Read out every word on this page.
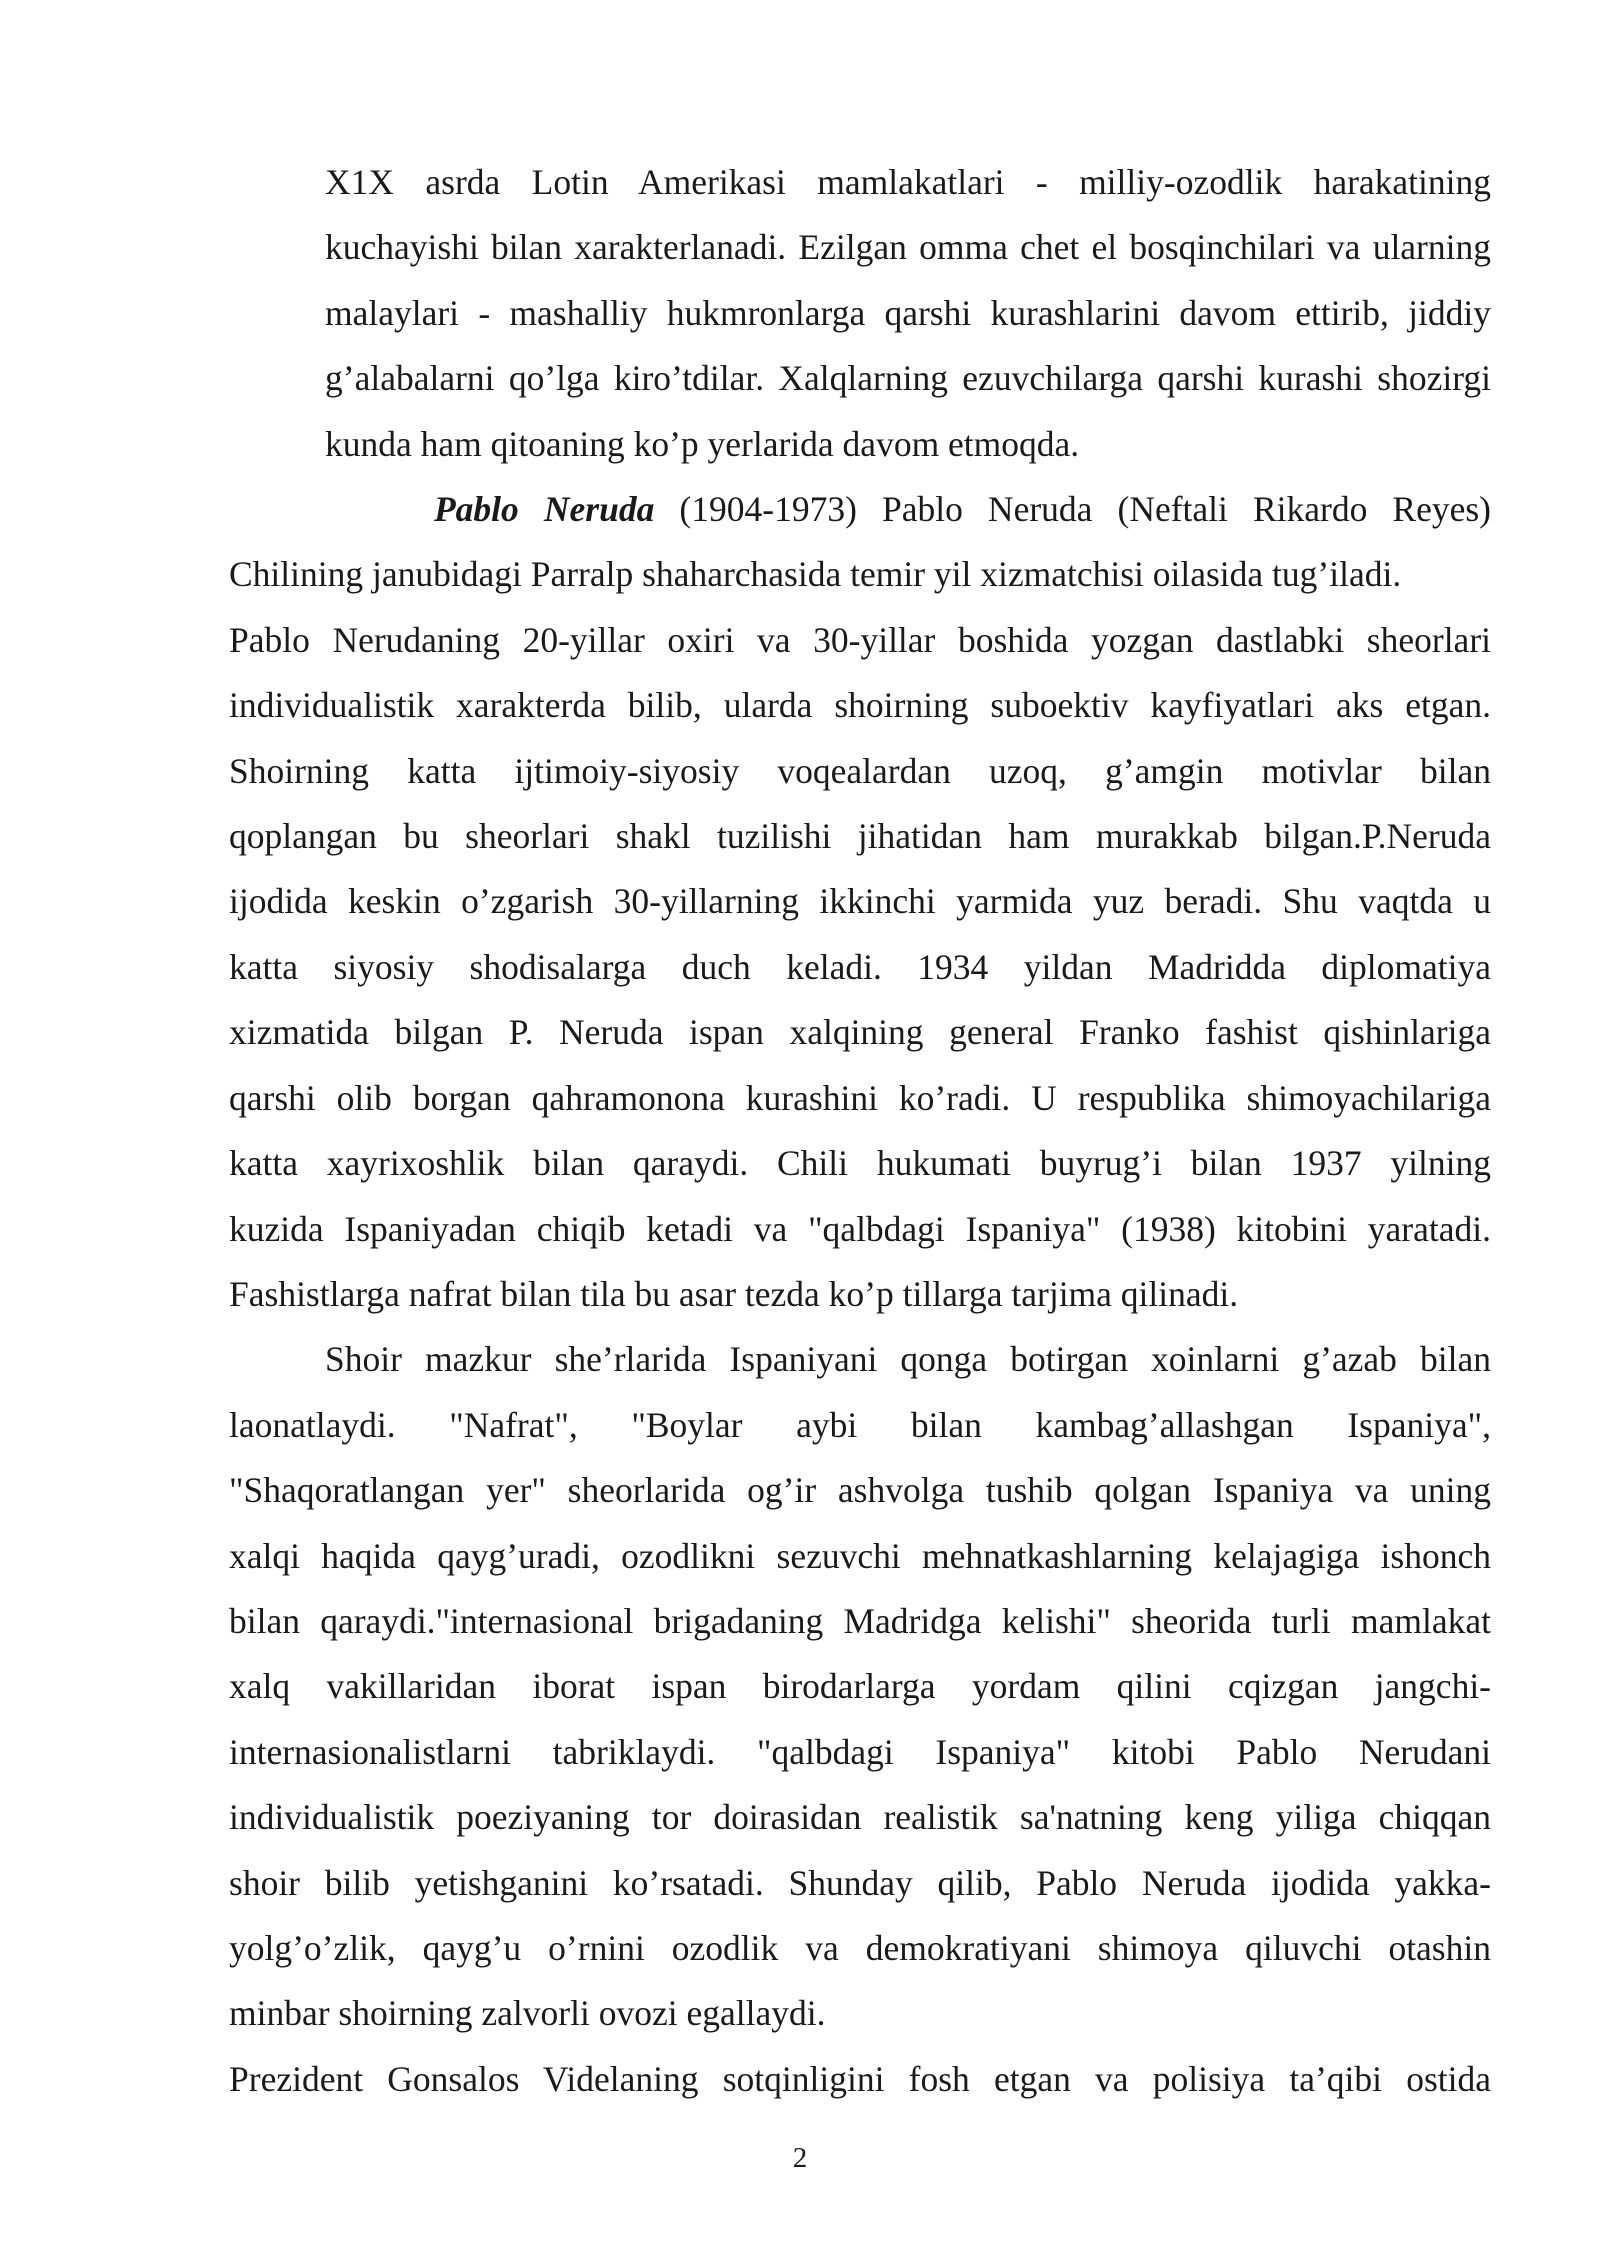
X1X asrda Lotin Amerikasi mamlakatlari - milliy-ozodlik harakatining
kuchayishi bilan xarakterlanadi. Ezilgan omma chet el bosqinchilari va ularning
malaylari - mashalliy hukmronlarga qarshi kurashlarini davom ettirib, jiddiy
g’alabalarni qo’lga kiro’tdilar. Xalqlarning ezuvchilarga qarshi kurashi shozirgi
kunda ham qitoaning ko’p yerlarida davom etmoqda.

Pablo Neruda (1904-1973) Pablo Neruda (Neftali Rikardo Reyes)
Chilining janubidagi Parralp shaharchasida temir yil xizmatchisi oilasida tug’iladi.

Pablo Nerudaning 20-yillar oxiri va 30-yillar boshida yozgan dastlabki sheorlari
individualistik xarakterda bilib, ularda shoirning suboektiv kayfiyatlari aks etgan.
Shoirning katta ijtimoiy-siyosiy voqealardan uzoq, g’amgin motivlar bilan
qoplangan bu sheorlari shakl tuzilishi jihatidan ham murakkab bilgan.P.Neruda
ijodida keskin o’zgarish 30-yillarning ikkinchi yarmida yuz beradi. Shu vaqtda u
katta siyosiy shodisalarga duch keladi. 1934 yildan Madridda diplomatiya
xizmatida bilgan P. Neruda ispan xalqining general Franko fashist qishinlariga
qarshi olib borgan qahramonona kurashini ko’radi. U respublika shimoyachilariga
katta xayrixoshlik bilan qaraydi. Chili hukumati buyrug’i bilan 1937 yilning
kuzida Ispaniyadan chiqib ketadi va "qalbdagi Ispaniya" (1938) kitobini yaratadi.
Fashistlarga nafrat bilan tila bu asar tezda ko’p tillarga tarjima qilinadi.

Shoir mazkur she’rlarida Ispaniyani qonga botirgan xoinlarni g’azab bilan
laonatlaydi. "Nafrat", "Boylar aybi bilan kambag’allashgan Ispaniya",
"Shaqoratlangan yer" sheorlarida og’ir ashvolga tushib qolgan Ispaniya va uning
xalqi haqida qayg’uradi, ozodlikni sezuvchi mehnatkashlarning kelajagiga ishonch
bilan qaraydi."internasional brigadaning Madridga kelishi" sheorida turli mamlakat
xalq vakillaridan iborat ispan birodarlarga yordam qilini cqizgan jangchi-
internasionalistlarni tabriklaydi. "qalbdagi Ispaniya" kitobi Pablo Nerudani
individualistik poeziyaning tor doirasidan realistik sa'natning keng yiliga chiqqan
shoir bilib yetishganini ko’rsatadi. Shunday qilib, Pablo Neruda ijodida yakka-
yolg’o’zlik, qayg’u o’rnini ozodlik va demokratiyani shimoya qiluvchi otashin
minbar shoirning zalvorli ovozi egallaydi.

Prezident Gonsalos Videlaning sotqinligini fosh etgan va polisiya ta’qibi ostida

2
